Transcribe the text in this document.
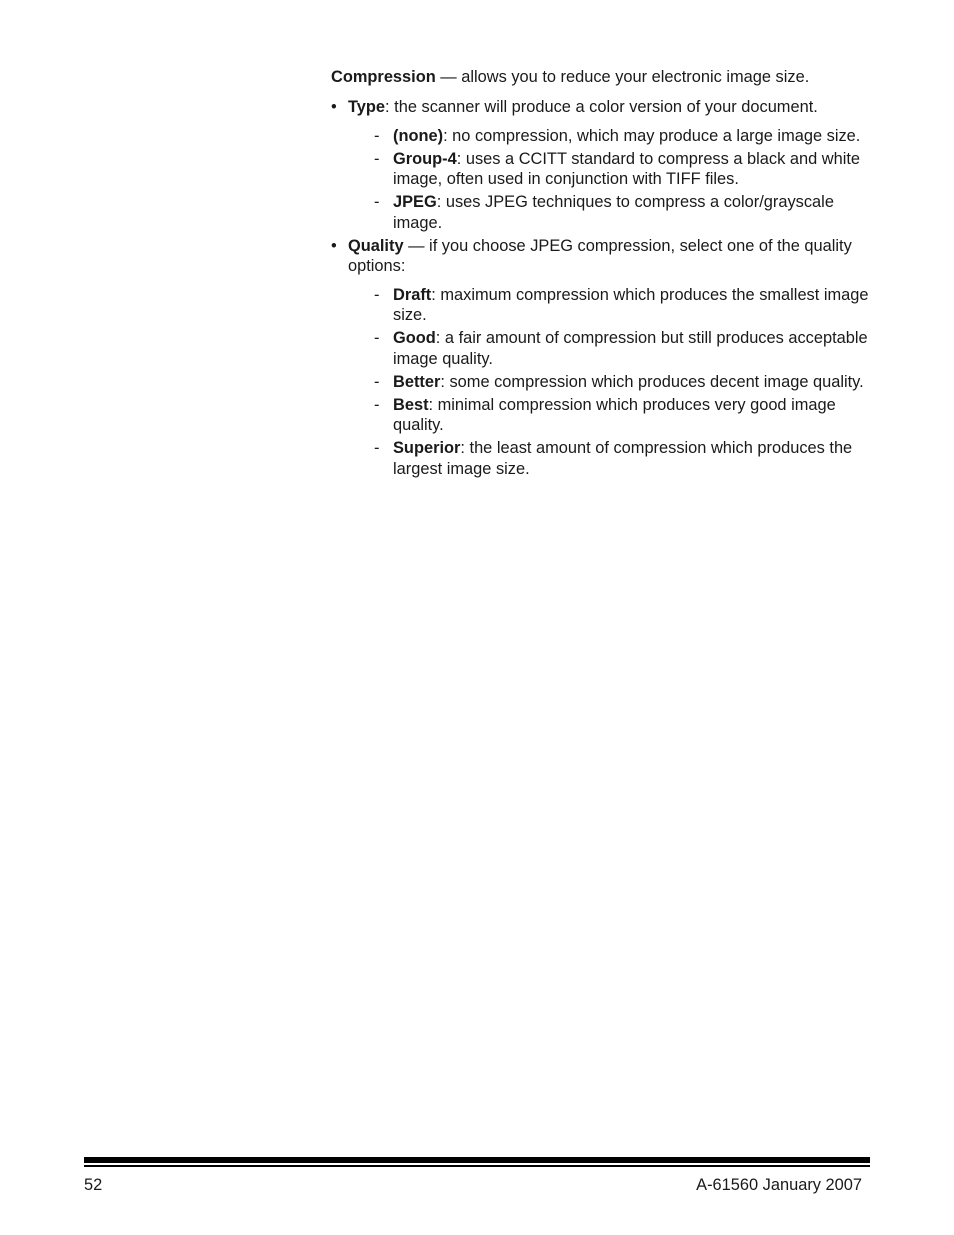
Compression — allows you to reduce your electronic image size.

• Type: the scanner will produce a color version of your document.
- (none): no compression, which may produce a large image size.
- Group-4: uses a CCITT standard to compress a black and white image, often used in conjunction with TIFF files.
- JPEG: uses JPEG techniques to compress a color/grayscale image.
• Quality — if you choose JPEG compression, select one of the quality options:
- Draft: maximum compression which produces the smallest image size.
- Good: a fair amount of compression but still produces acceptable image quality.
- Better: some compression which produces decent image quality.
- Best: minimal compression which produces very good image quality.
- Superior: the least amount of compression which produces the largest image size.
52	A-61560 January 2007
